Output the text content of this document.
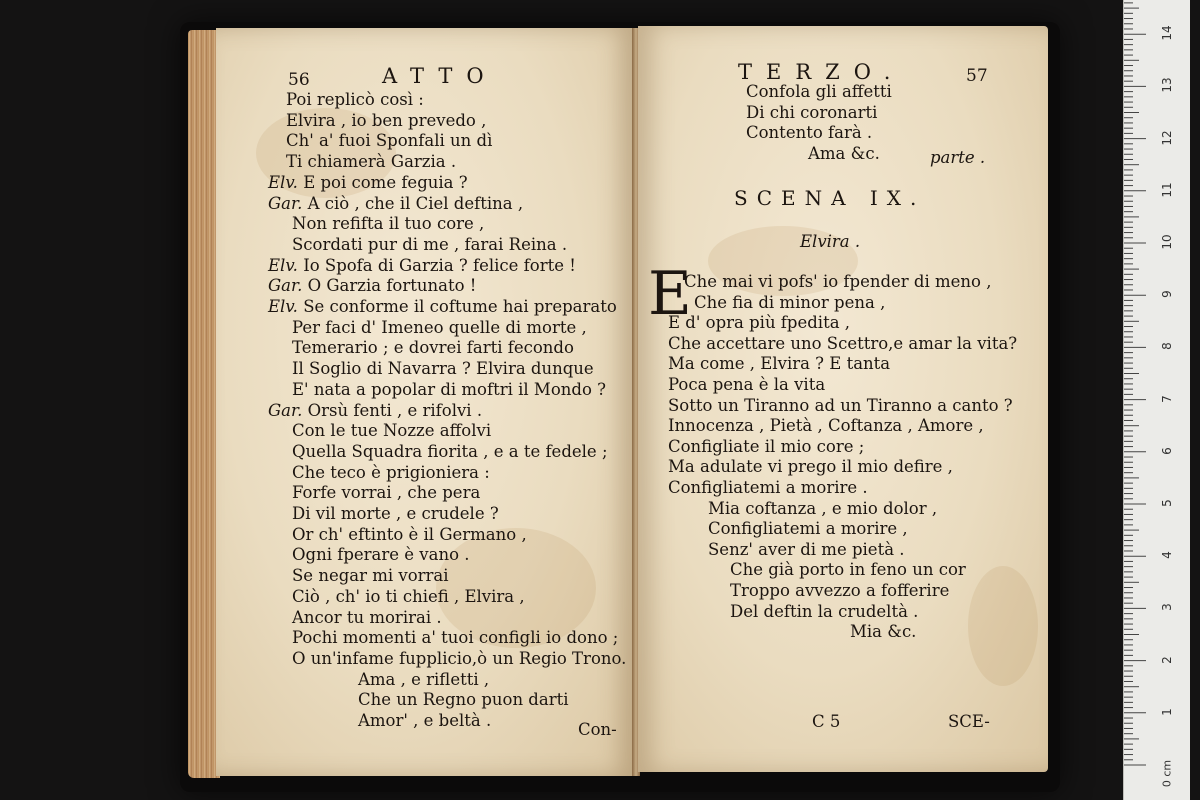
56	ATTO
Poi replicò così :
Elvira , io ben prevedo ,
Ch' a' fuoi Sponfali un dì
Ti chiamerà Garzia .
Elv. E poi come feguia ?
Gar. A ciò , che il Ciel deftina ,
Non refifta il tuo core ,
Scordati pur di me , farai Reina .
Elv. Io Spofa di Garzia ? felice forte !
Gar. O Garzia fortunato !
Elv. Se conforme il coftume hai preparato
Per faci d' Imeneo quelle di morte ,
Temerario ; e dovrei farti fecondo
Il Soglio di Navarra ? Elvira dunque
E' nata a popolar di moftri il Mondo ?
Gar. Orsù fenti , e rifolvi .
Con le tue Nozze affolvi
Quella Squadra fiorita , e a te fedele ;
Che teco è prigioniera :
Forfe vorrai , che pera
Di vil morte , e crudele ?
Or ch' eftinto è il Germano ,
Ogni fperare è vano .
Se negar mi vorrai
Ciò , ch' io ti chiefi , Elvira ,
Ancor tu morirai .
Pochi momenti a' tuoi configli io dono ;
O un'infame fupplicio,ò un Regio Trono.
Ama , e rifletti ,
Che un Regno puon darti
Amor' , e beltà .	Con-
TERZO.	57
Confola gli affetti
Di chi coronarti
Contento farà .
Ama &c.	parte .
SCENA IX.
Elvira .
E
Che mai vi pofs' io fpender di meno ,
Che fia di minor pena ,
E d' opra più fpedita ,
Che accettare uno Scettro,e amar la vita?
Ma come , Elvira ? E tanta
Poca pena è la vita
Sotto un Tiranno ad un Tiranno a canto ?
Innocenza , Pietà , Coftanza , Amore ,
Configliate il mio core ;
Ma adulate vi prego il mio defire ,
Configliatemi a morire .
Mia coftanza , e mio dolor ,
Configliatemi a morire ,
Senz' aver di me pietà .
Che già porto in feno un cor
Troppo avvezzo a fofferire
Del deftin la crudeltà .
Mia &c.
C 5	SCE-
14
13
12
11
10
9
8
7
6
5
4
3
2
1
0 cm
